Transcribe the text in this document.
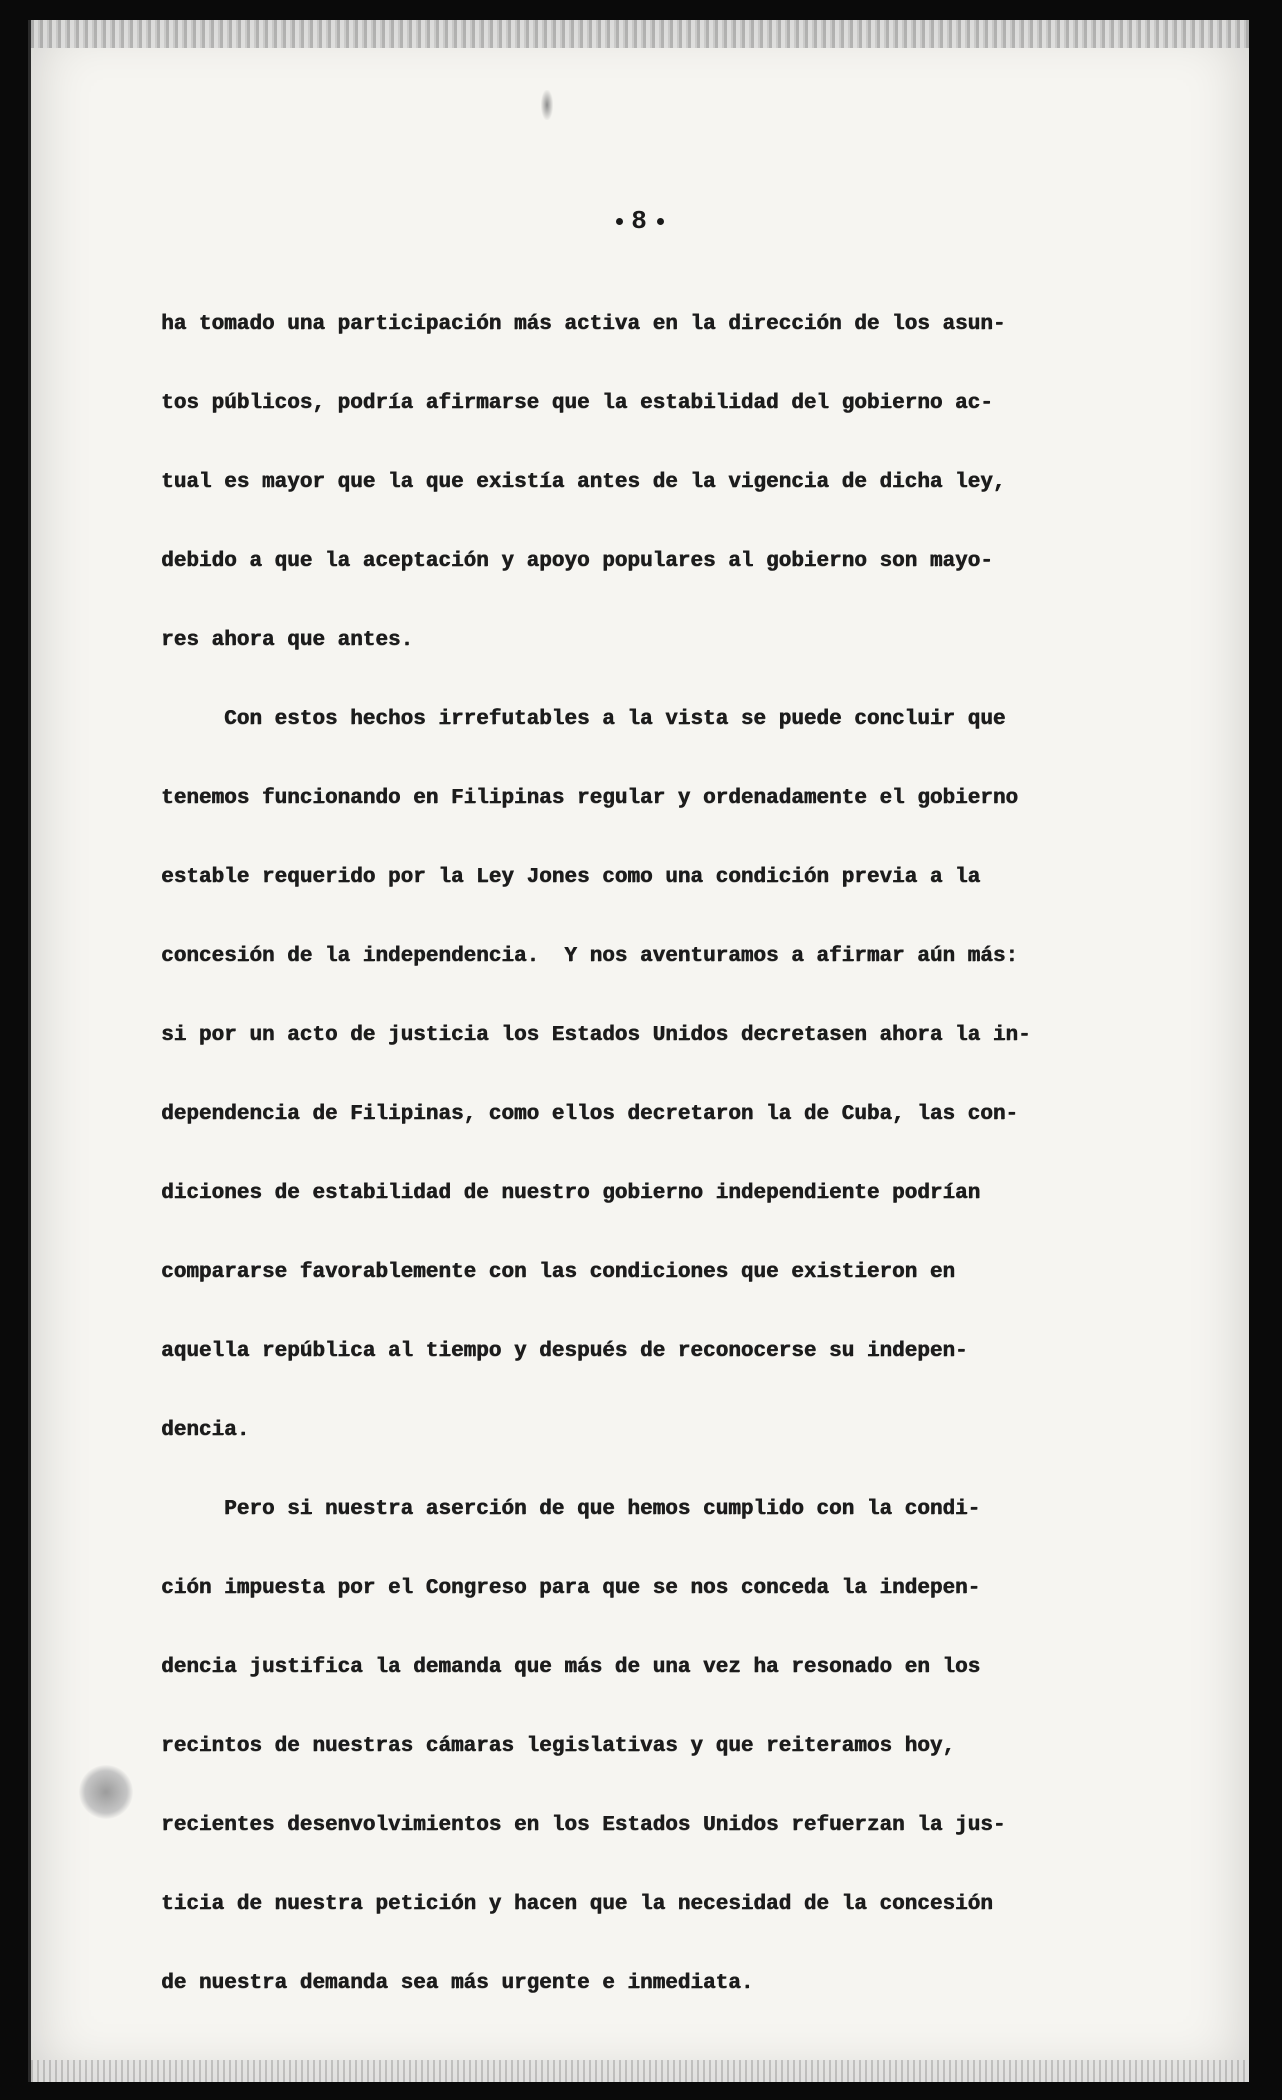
8
ha tomado una participación más activa en la dirección de los asun-
tos públicos, podría afirmarse que la estabilidad del gobierno ac-
tual es mayor que la que existía antes de la vigencia de dicha ley,
debido a que la aceptación y apoyo populares al gobierno son mayo-
res ahora que antes.
Con estos hechos irrefutables a la vista se puede concluir que
tenemos funcionando en Filipinas regular y ordenadamente el gobierno
estable requerido por la Ley Jones como una condición previa a la
concesión de la independencia.  Y nos aventuramos a afirmar aún más:
si por un acto de justicia los Estados Unidos decretasen ahora la in-
dependencia de Filipinas, como ellos decretaron la de Cuba, las con-
diciones de estabilidad de nuestro gobierno independiente podrían
compararse favorablemente con las condiciones que existieron en
aquella república al tiempo y después de reconocerse su indepen-
dencia.
Pero si nuestra aserción de que hemos cumplido con la condi-
ción impuesta por el Congreso para que se nos conceda la indepen-
dencia justifica la demanda que más de una vez ha resonado en los
recintos de nuestras cámaras legislativas y que reiteramos hoy,
recientes desenvolvimientos en los Estados Unidos refuerzan la jus-
ticia de nuestra petición y hacen que la necesidad de la concesión
de nuestra demanda sea más urgente e inmediata.
